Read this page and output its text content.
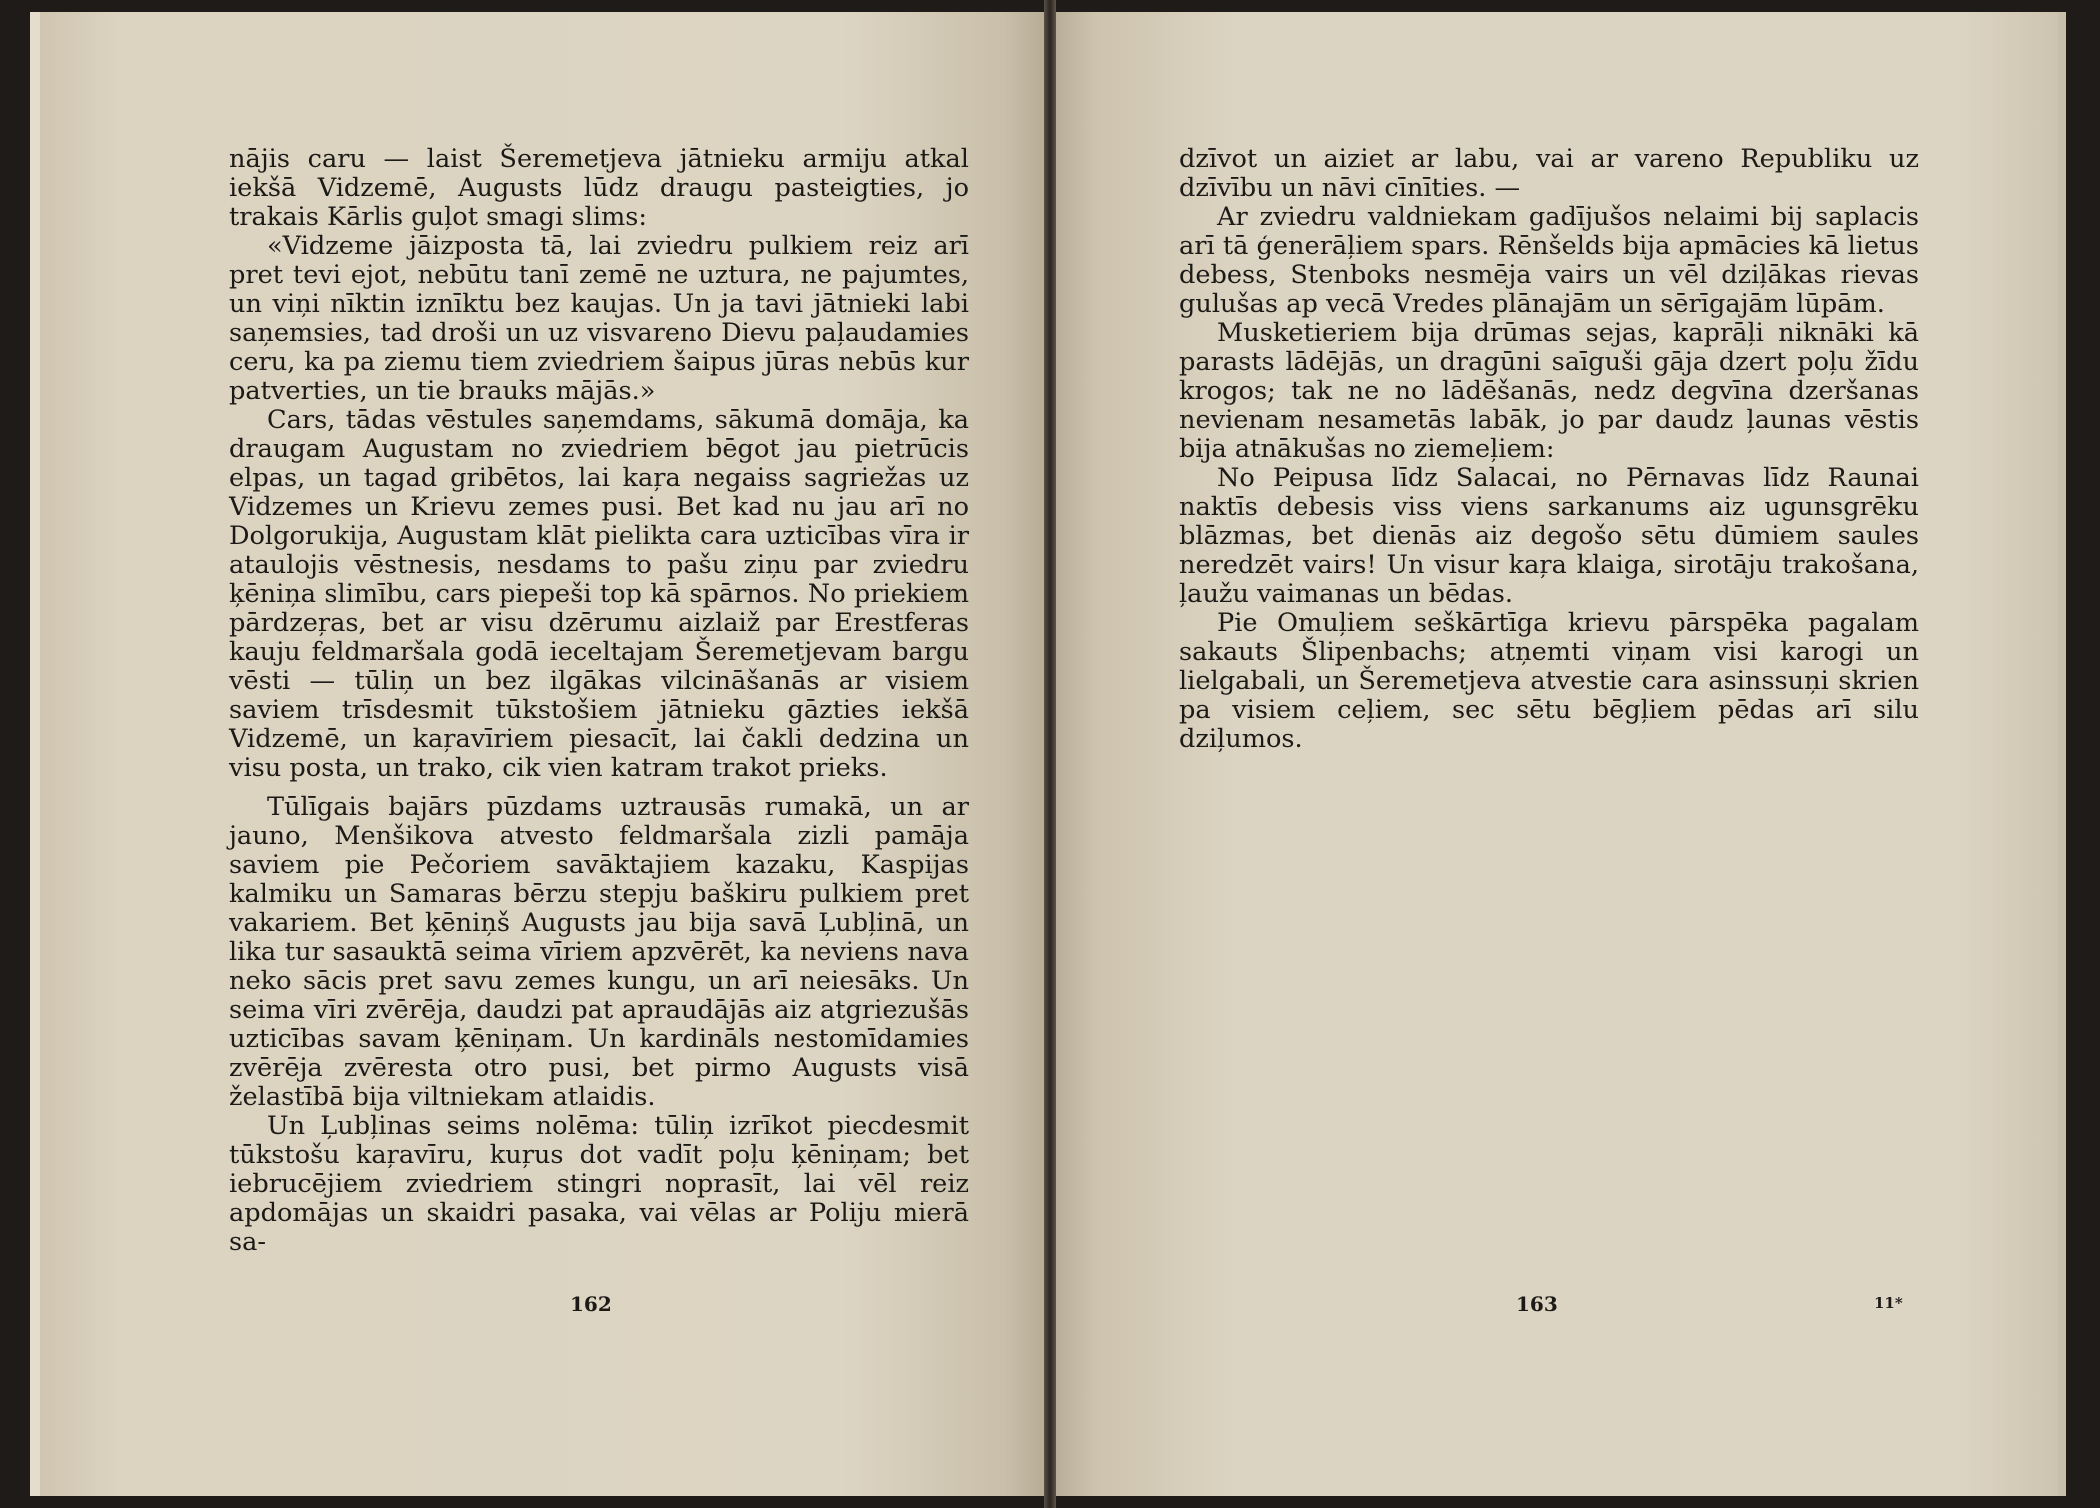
nājis caru — laist Šeremetjeva jātnieku armiju atkal iekšā Vidzemē, Augusts lūdz draugu pasteigties, jo trakais Kārlis guļot smagi slims:

«Vidzeme jāizposta tā, lai zviedru pulkiem reiz arī pret tevi ejot, nebūtu tanī zemē ne uztura, ne pajumtes, un viņi nīktin iznīktu bez kaujas. Un ja tavi jātnieki labi saņemsies, tad droši un uz visvareno Dievu paļaudamies ceru, ka pa ziemu tiem zviedriem šaipus jūras nebūs kur patverties, un tie brauks mājās.»

Cars, tādas vēstules saņemdams, sākumā domāja, ka draugam Augustam no zviedriem bēgot jau pietrūcis elpas, un tagad gribētos, lai kaŗa negaiss sagriežas uz Vidzemes un Krievu zemes pusi. Bet kad nu jau arī no Dolgorukija, Augustam klāt pielikta cara uzticības vīra ir ataulojis vēstnesis, nesdams to pašu ziņu par zviedru ķēniņa slimību, cars piepeši top kā spārnos. No priekiem pārdzeŗas, bet ar visu dzērumu aizlaiž par Erestferas kauju feldmaršala godā ieceltajam Šeremetjevam bargu vēsti — tūliņ un bez ilgākas vilcināšanās ar visiem saviem trīsdesmit tūkstošiem jātnieku gāzties iekšā Vidzemē, un kaŗavīriem piesacīt, lai čakli dedzina un visu posta, un trako, cik vien katram trakot prieks.

Tūlīgais bajārs pūzdams uztrausās rumakā, un ar jauno, Menšikova atvesto feldmaršala zizli pamāja saviem pie Pečoriem savāktajiem kazaku, Kaspijas kalmiku un Samaras bērzu stepju baškiru pulkiem pret vakariem. Bet ķēniņš Augusts jau bija savā Ļubļinā, un lika tur sasauktā seima vīriem apzvērēt, ka neviens nava neko sācis pret savu zemes kungu, un arī neiesāks. Un seima vīri zvērēja, daudzi pat apraudājās aiz atgriezušās uzticības savam ķēniņam. Un kardināls nestomīdamies zvērēja zvēresta otro pusi, bet pirmo Augusts visā želastībā bija viltniekam atlaidis.

Un Ļubļinas seims nolēma: tūliņ izrīkot piecdesmit tūkstošu kaŗavīru, kuŗus dot vadīt poļu ķēniņam; bet iebrucējiem zviedriem stingri noprasīt, lai vēl reiz apdomājas un skaidri pasaka, vai vēlas ar Poliju mierā sa-

162

dzīvot un aiziet ar labu, vai ar vareno Republiku uz dzīvību un nāvi cīnīties. —

Ar zviedru valdniekam gadījušos nelaimi bij saplacis arī tā ģenerāļiem spars. Rēnšelds bija apmācies kā lietus debess, Stenboks nesmēja vairs un vēl dziļākas rievas gulušas ap vecā Vredes plānajām un sērīgajām lūpām.

Musketieriem bija drūmas sejas, kaprāļi niknāki kā parasts lādējās, un dragūni saīguši gāja dzert poļu žīdu krogos; tak ne no lādēšanās, nedz degvīna dzeršanas nevienam nesametās labāk, jo par daudz ļaunas vēstis bija atnākušas no ziemeļiem:

No Peipusa līdz Salacai, no Pērnavas līdz Raunai naktīs debesis viss viens sarkanums aiz ugunsgrēku blāzmas, bet dienās aiz degošo sētu dūmiem saules neredzēt vairs! Un visur kaŗa klaiga, sirotāju trakošana, ļaužu vaimanas un bēdas.

Pie Omuļiem seškārtīga krievu pārspēka pagalam sakauts Šlipenbachs; atņemti viņam visi karogi un lielgabali, un Šeremetjeva atvestie cara asinssuņi skrien pa visiem ceļiem, sec sētu bēgļiem pēdas arī silu dziļumos.

163	11*
